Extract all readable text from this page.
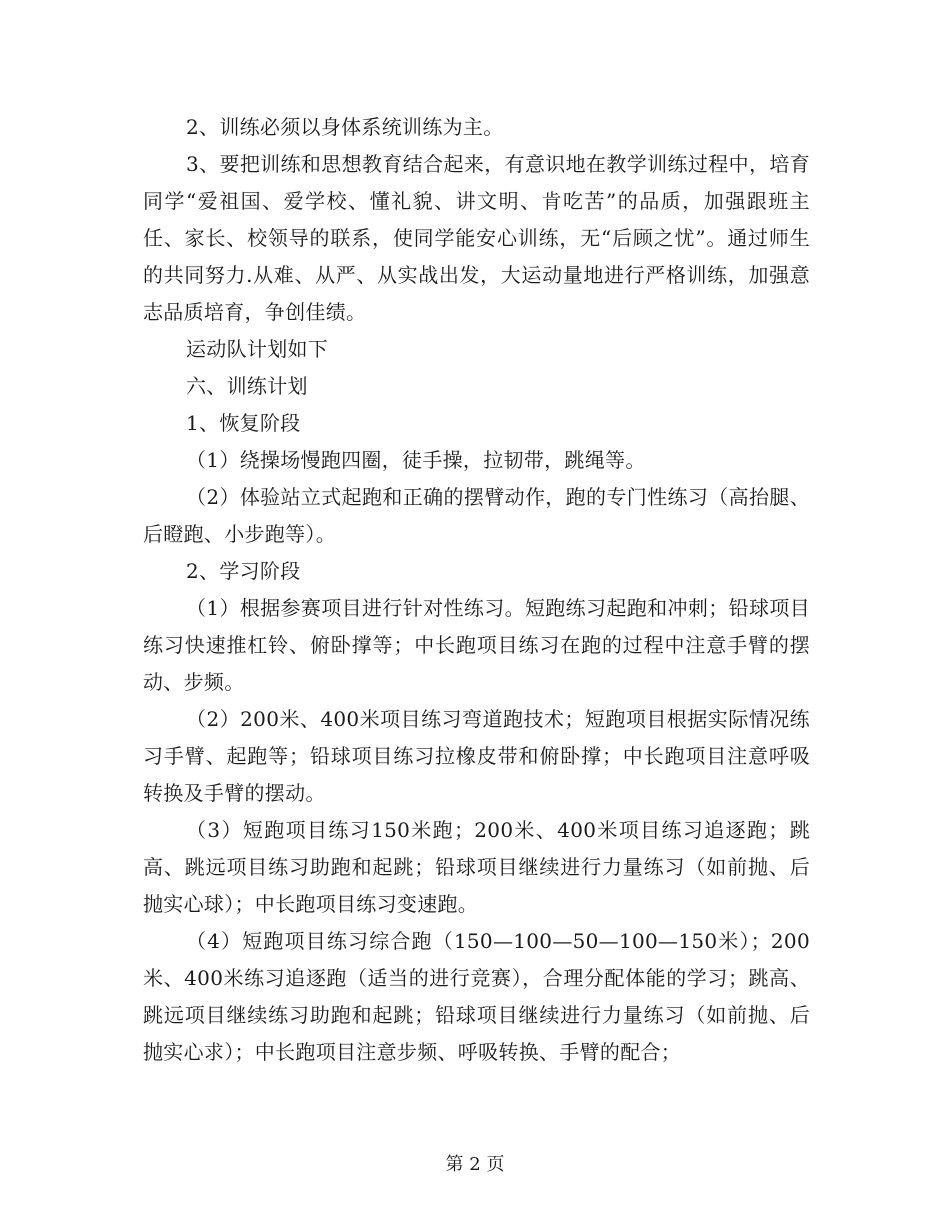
2、训练必须以身体系统训练为主。

3、要把训练和思想教育结合起来，有意识地在教学训练过程中，培育同学“爱祖国、爱学校、懂礼貌、讲文明、肯吃苦”的品质，加强跟班主任、家长、校领导的联系，使同学能安心训练，无“后顾之忧”。通过师生的共同努力.从难、从严、从实战出发，大运动量地进行严格训练，加强意志品质培育，争创佳绩。

运动队计划如下

六、训练计划

1、恢复阶段

（1）绕操场慢跑四圈，徒手操，拉韧带，跳绳等。

（2）体验站立式起跑和正确的摆臂动作，跑的专门性练习（高抬腿、后瞪跑、小步跑等）。

2、学习阶段

（1）根据参赛项目进行针对性练习。短跑练习起跑和冲刺；铅球项目练习快速推杠铃、俯卧撑等；中长跑项目练习在跑的过程中注意手臂的摆动、步频。

（2）200米、400米项目练习弯道跑技术；短跑项目根据实际情况练习手臂、起跑等；铅球项目练习拉橡皮带和俯卧撑；中长跑项目注意呼吸转换及手臂的摆动。

（3）短跑项目练习150米跑；200米、400米项目练习追逐跑；跳高、跳远项目练习助跑和起跳；铅球项目继续进行力量练习（如前抛、后抛实心球）；中长跑项目练习变速跑。

（4）短跑项目练习综合跑（150—100—50—100—150米）；200米、400米练习追逐跑（适当的进行竞赛），合理分配体能的学习；跳高、跳远项目继续练习助跑和起跳；铅球项目继续进行力量练习（如前抛、后抛实心求）；中长跑项目注意步频、呼吸转换、手臂的配合；

第 2 页
